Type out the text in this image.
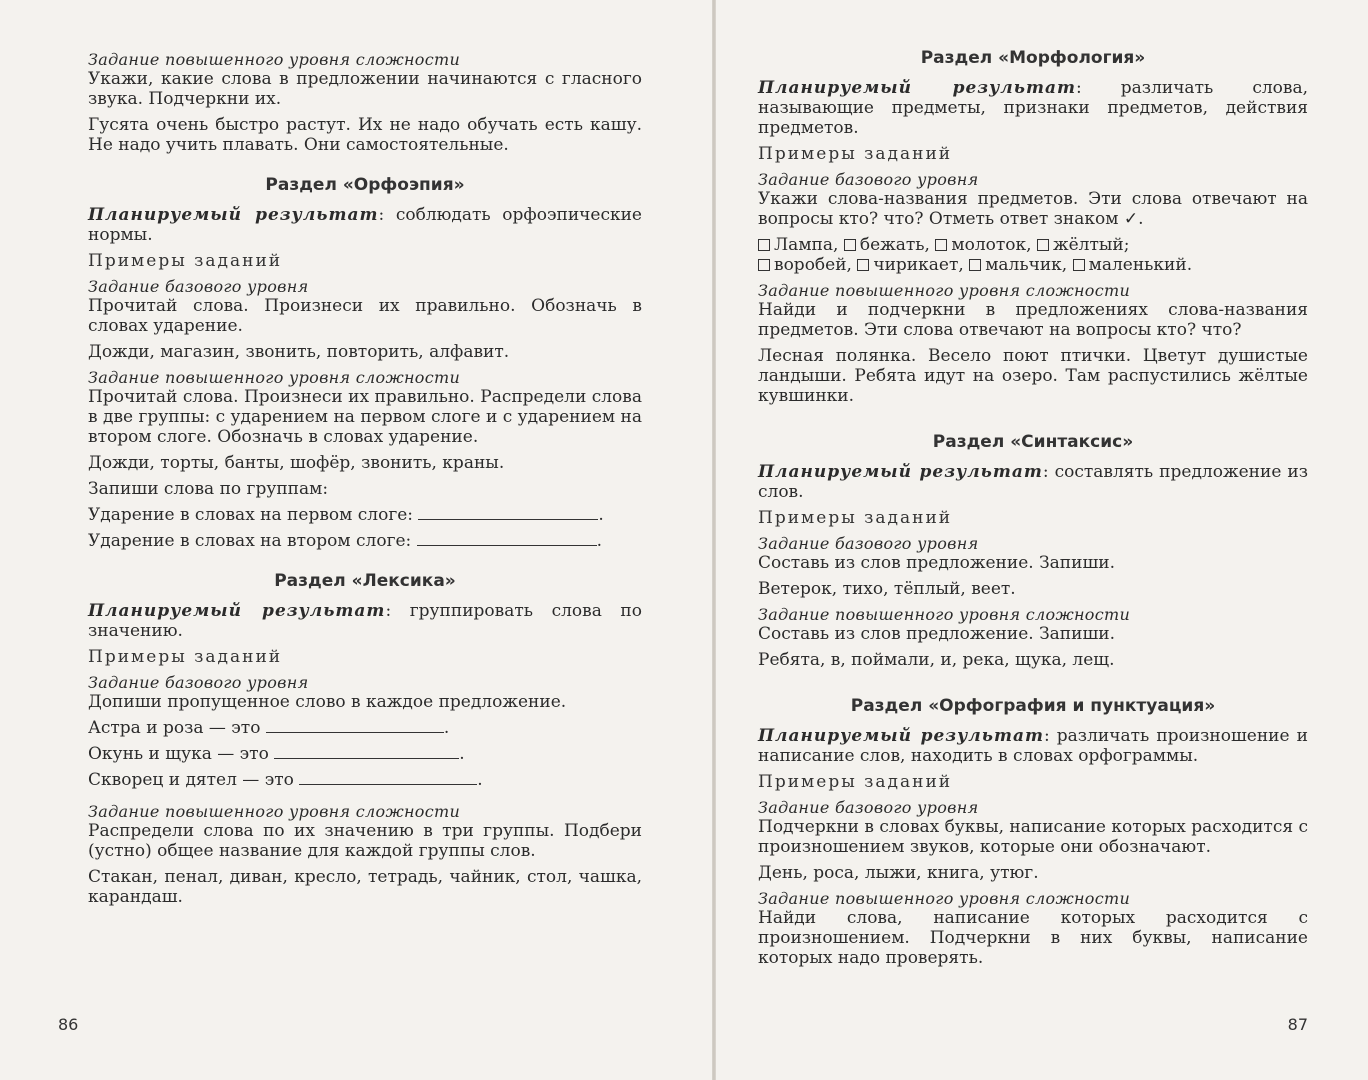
Задание повышенного уровня сложности

Укажи, какие слова в предложении начинаются с гласного звука. Подчеркни их.

Гусята очень быстро растут. Их не надо обучать есть кашу. Не надо учить плавать. Они самостоятельные.

Раздел «Орфоэпия»

Планируемый результат: соблюдать орфоэпические нормы.

Примеры заданий
Задание базового уровня

Прочитай слова. Произнеси их правильно. Обозначь в словах ударение.

Дожди, магазин, звонить, повторить, алфавит.

Задание повышенного уровня сложности

Прочитай слова. Произнеси их правильно. Распредели слова в две группы: с ударением на первом слоге и с ударением на втором слоге. Обозначь в словах ударение.

Дожди, торты, банты, шофёр, звонить, краны.

Запиши слова по группам:

Ударение в словах на первом слоге:	.

Ударение в словах на втором слоге:	.

Раздел «Лексика»

Планируемый результат: группировать слова по значению.

Примеры заданий
Задание базового уровня

Допиши пропущенное слово в каждое предложение.

Астра и роза — это	.

Окунь и щука — это	.

Скворец и дятел — это	.

Задание повышенного уровня сложности

Распредели слова по их значению в три группы. Подбери (устно) общее название для каждой группы слов.

Стакан, пенал, диван, кресло, тетрадь, чайник, стол, чашка, карандаш.

86
Раздел «Морфология»

Планируемый результат: различать слова, называющие предметы, признаки предметов, действия предметов.

Примеры заданий
Задание базового уровня

Укажи слова-названия предметов. Эти слова отвечают на вопросы кто? что? Отметь ответ знаком ✓.

Лампа, бежать, молоток, жёлтый;
воробей, чирикает, мальчик, маленький.

Задание повышенного уровня сложности

Найди и подчеркни в предложениях слова-названия предметов. Эти слова отвечают на вопросы кто? что?

Лесная полянка. Весело поют птички. Цветут душистые ландыши. Ребята идут на озеро. Там распустились жёлтые кувшинки.

Раздел «Синтаксис»

Планируемый результат: составлять предложение из слов.

Примеры заданий
Задание базового уровня

Составь из слов предложение. Запиши.

Ветерок, тихо, тёплый, веет.

Задание повышенного уровня сложности

Составь из слов предложение. Запиши.

Ребята, в, поймали, и, река, щука, лещ.

Раздел «Орфография и пунктуация»

Планируемый результат: различать произношение и написание слов, находить в словах орфограммы.

Примеры заданий
Задание базового уровня

Подчеркни в словах буквы, написание которых расходится с произношением звуков, которые они обозначают.

День, роса, лыжи, книга, утюг.

Задание повышенного уровня сложности

Найди слова, написание которых расходится с произношением. Подчеркни в них буквы, написание которых надо проверять.

87
